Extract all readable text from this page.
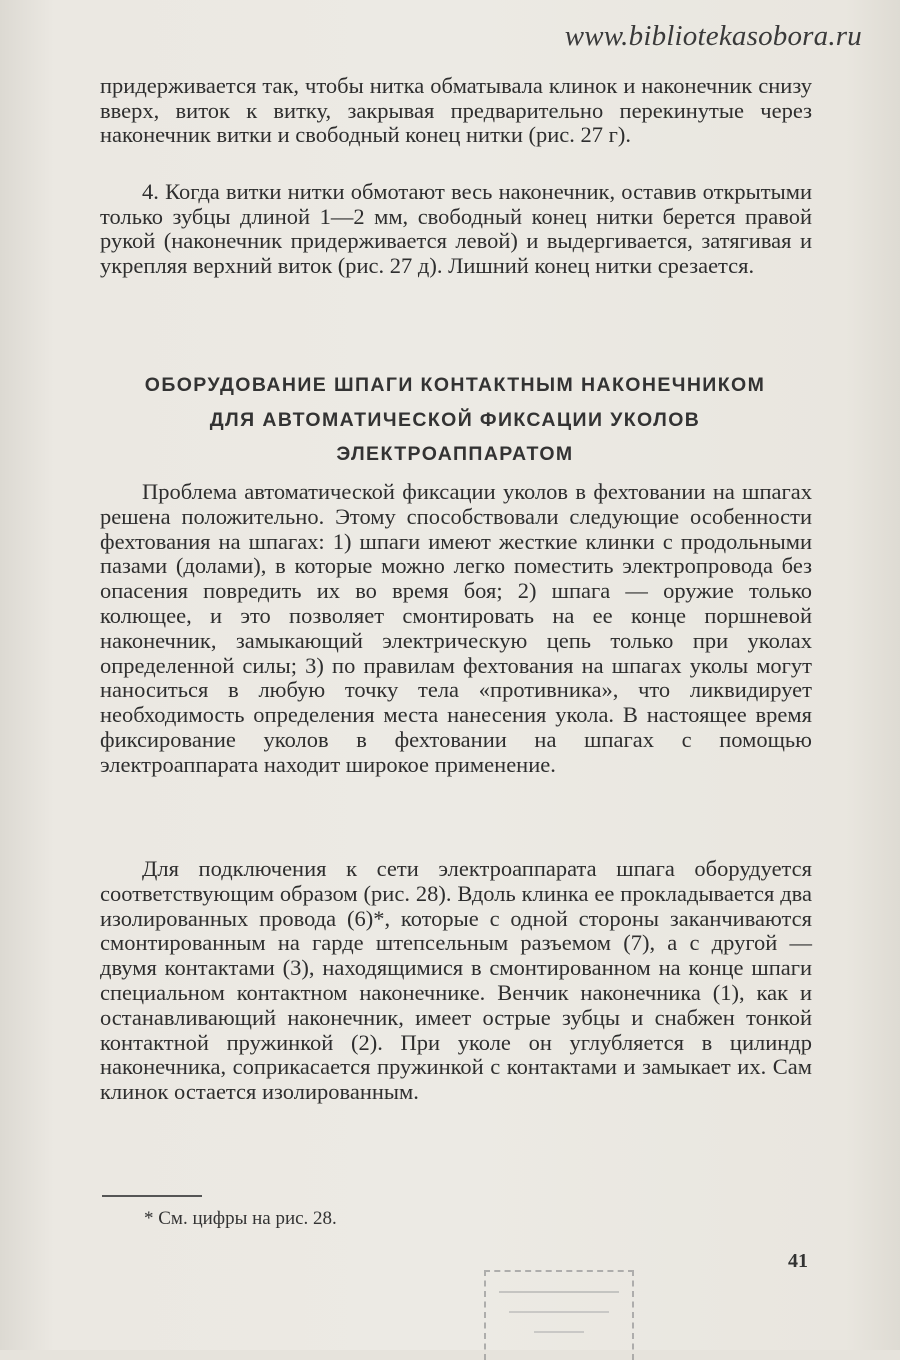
www.bibliotekasobora.ru

придерживается так, чтобы нитка обматывала клинок и наконечник снизу вверх, виток к витку, закрывая предварительно перекинутые через наконечник витки и свободный конец нитки (рис. 27 г).

4. Когда витки нитки обмотают весь наконечник, оставив открытыми только зубцы длиной 1—2 мм, свободный конец нитки берется правой рукой (наконечник придерживается левой) и выдергивается, затягивая и укрепляя верхний виток (рис. 27 д). Лишний конец нитки срезается.

ОБОРУДОВАНИЕ ШПАГИ КОНТАКТНЫМ НАКОНЕЧНИКОМ
ДЛЯ АВТОМАТИЧЕСКОЙ ФИКСАЦИИ УКОЛОВ
ЭЛЕКТРОАППАРАТОМ

Проблема автоматической фиксации уколов в фехтовании на шпагах решена положительно. Этому способствовали следующие особенности фехтования на шпагах: 1) шпаги имеют жесткие клинки с продольными пазами (долами), в которые можно легко поместить электропровода без опасения повредить их во время боя; 2) шпага — оружие только колющее, и это позволяет смонтировать на ее конце поршневой наконечник, замыкающий электрическую цепь только при уколах определенной силы; 3) по правилам фехтования на шпагах уколы могут наноситься в любую точку тела «противника», что ликвидирует необходимость определения места нанесения укола. В настоящее время фиксирование уколов в фехтовании на шпагах с помощью электроаппарата находит широкое применение.

Для подключения к сети электроаппарата шпага оборудуется соответствующим образом (рис. 28). Вдоль клинка ее прокладывается два изолированных провода (6)*, которые с одной стороны заканчиваются смонтированным на гарде штепсельным разъемом (7), а с другой — двумя контактами (3), находящимися в смонтированном на конце шпаги специальном контактном наконечнике. Венчик наконечника (1), как и останавливающий наконечник, имеет острые зубцы и снабжен тонкой контактной пружинкой (2). При уколе он углубляется в цилиндр наконечника, соприкасается пружинкой с контактами и замыкает их. Сам клинок остается изолированным.

* См. цифры на рис. 28.
41
